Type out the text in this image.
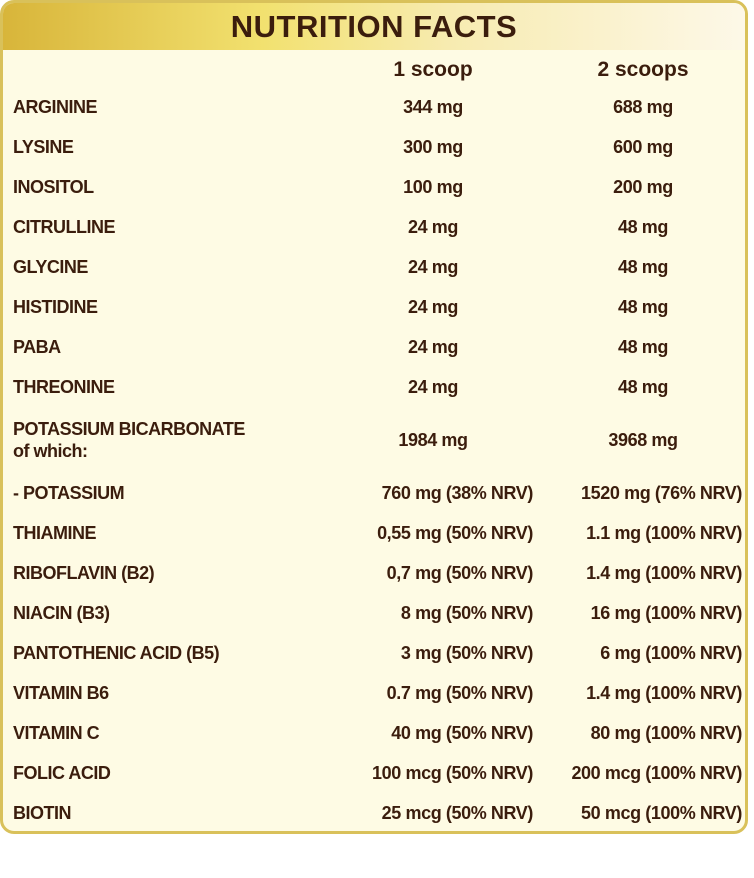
NUTRITION FACTS
1 scoop	2 scoops
ARGININE	344 mg	688 mg
LYSINE	300 mg	600 mg
INOSITOL	100 mg	200 mg
CITRULLINE	24 mg	48 mg
GLYCINE	24 mg	48 mg
HISTIDINE	24 mg	48 mg
PABA	24 mg	48 mg
THREONINE	24 mg	48 mg
POTASSIUM BICARBONATE
of which:
1984 mg	3968 mg
- POTASSIUM	760 mg (38% NRV)	1520 mg (76% NRV)
THIAMINE	0,55 mg (50% NRV)	1.1 mg (100% NRV)
RIBOFLAVIN (B2)	0,7 mg (50% NRV)	1.4 mg (100% NRV)
NIACIN (B3)	8 mg (50% NRV)	16 mg (100% NRV)
PANTOTHENIC ACID (B5)	3 mg (50% NRV)	6 mg (100% NRV)
VITAMIN B6	0.7 mg (50% NRV)	1.4 mg (100% NRV)
VITAMIN C	40 mg (50% NRV)	80 mg (100% NRV)
FOLIC ACID	100 mcg (50% NRV) 200 mcg (100% NRV)
BIOTIN	25 mcg (50% NRV)	50 mcg (100% NRV)
